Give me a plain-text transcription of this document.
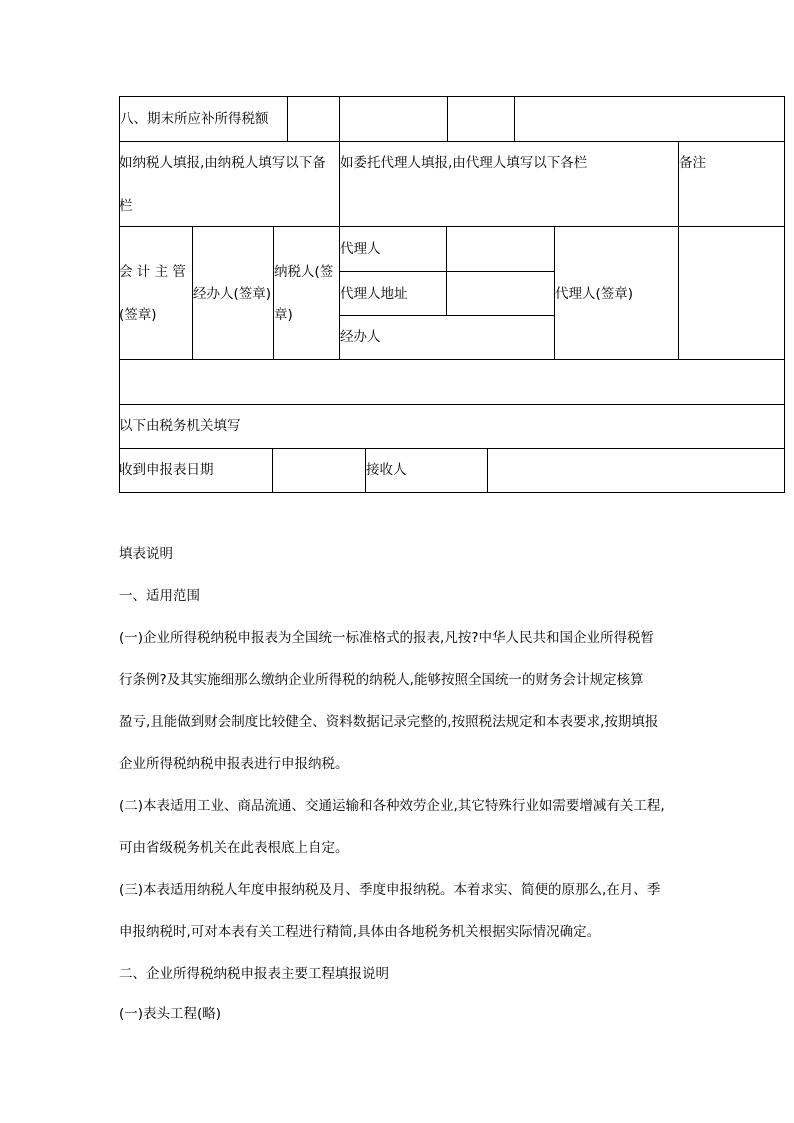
八、期末所应补所得税额
如纳税人填报,由纳税人填写以下备
栏
如委托代理人填报,由代理人填写以下各栏	备注
会 计 主 管
(签章)
经办人(签章)
纳税人(签
章)
代理人
代理人地址
经办人
代理人(签章)
以下由税务机关填写
收到申报表日期	接收人
填表说明
一、适用范围
(一)企业所得税纳税申报表为全国统一标准格式的报表,凡按?中华人民共和国企业所得税暂
行条例?及其实施细那么缴纳企业所得税的纳税人,能够按照全国统一的财务会计规定核算
盈亏,且能做到财会制度比较健全、资料数据记录完整的,按照税法规定和本表要求,按期填报
企业所得税纳税申报表进行申报纳税。
(二)本表适用工业、商品流通、交通运输和各种效劳企业,其它特殊行业如需要增减有关工程,
可由省级税务机关在此表根底上自定。
(三)本表适用纳税人年度申报纳税及月、季度申报纳税。本着求实、简便的原那么,在月、季
申报纳税时,可对本表有关工程进行精简,具体由各地税务机关根据实际情况确定。
二、企业所得税纳税申报表主要工程填报说明
(一)表头工程(略)
